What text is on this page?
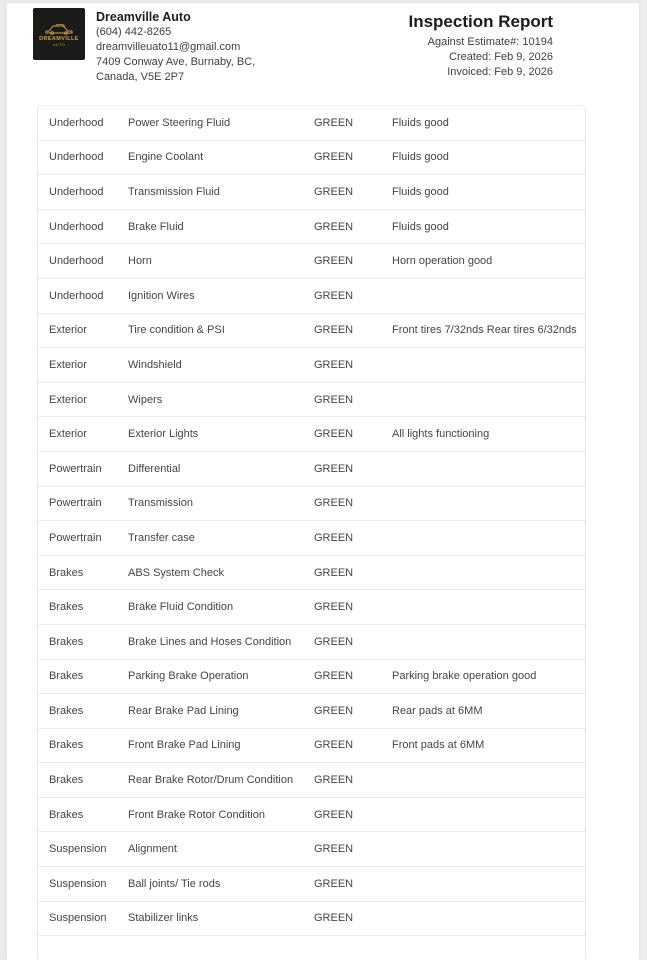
DREAMVILLE
AUTO
Dreamville Auto
(604) 442-8265
dreamvilleuato11@gmail.com
7409 Conway Ave, Burnaby, BC,
Canada, V5E 2P7
Inspection Report
Against Estimate#: 10194
Created: Feb 9, 2026
Invoiced: Feb 9, 2026
Underhood	Power Steering Fluid	GREEN	Fluids good
Underhood	Engine Coolant	GREEN	Fluids good
Underhood	Transmission Fluid	GREEN	Fluids good
Underhood	Brake Fluid	GREEN	Fluids good
Underhood	Horn	GREEN	Horn operation good
Underhood	Ignition Wires	GREEN
Exterior	Tire condition & PSI	GREEN	Front tires 7/32nds Rear tires 6/32nds
Exterior	Windshield	GREEN
Exterior	Wipers	GREEN
Exterior	Exterior Lights	GREEN	All lights functioning
Powertrain	Differential	GREEN
Powertrain	Transmission	GREEN
Powertrain	Transfer case	GREEN
Brakes	ABS System Check	GREEN
Brakes	Brake Fluid Condition	GREEN
Brakes	Brake Lines and Hoses Condition	GREEN
Brakes	Parking Brake Operation	GREEN	Parking brake operation good
Brakes	Rear Brake Pad Lining	GREEN	Rear pads at 6MM
Brakes	Front Brake Pad Lining	GREEN	Front pads at 6MM
Brakes	Rear Brake Rotor/Drum Condition	GREEN
Brakes	Front Brake Rotor Condition	GREEN
Suspension	Alignment	GREEN
Suspension	Ball joints/ Tie rods	GREEN
Suspension	Stabilizer links	GREEN
